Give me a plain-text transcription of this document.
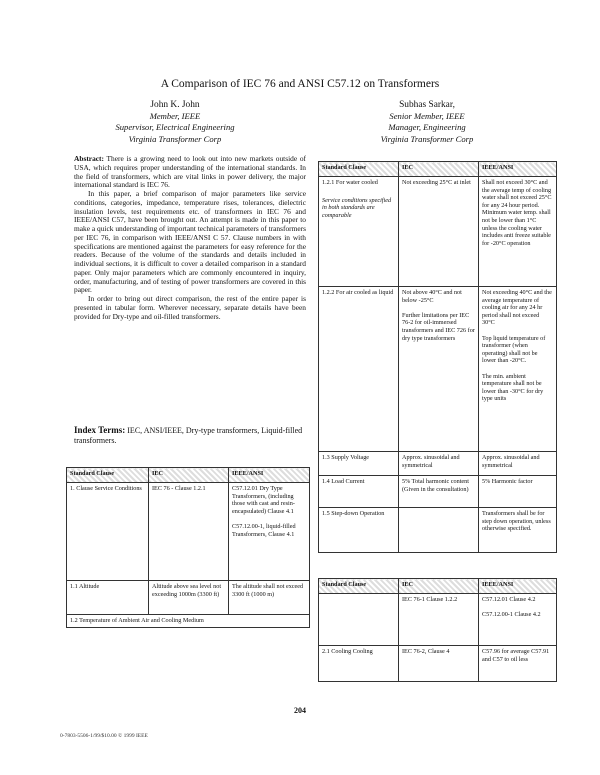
A Comparison of IEC 76 and ANSI C57.12 on Transformers
John K. John
Member, IEEE
Supervisor, Electrical Engineering
Virginia Transformer Corp
Subhas Sarkar,
Senior Member, IEEE
Manager, Engineering
Virginia Transformer Corp

Abstract: There is a growing need to look out into new markets outside of USA, which requires proper understanding of the international standards. In the field of transformers, which are vital links in power delivery, the major international standard is IEC 76.

In this paper, a brief comparison of major parameters like service conditions, categories, impedance, temperature rises, tolerances, dielectric insulation levels, test requirements etc. of transformers in IEC 76 and IEEE/ANSI C57, have been brought out. An attempt is made in this paper to make a quick understanding of important technical parameters of transformers per IEC 76, in comparison with IEEE/ANSI C 57. Clause numbers in with specifications are mentioned against the parameters for easy reference for the readers. Because of the volume of the standards and details included in individual sections, it is difficult to cover a detailed comparison in a standard paper. Only major parameters which are commonly encountered in inquiry, order, manufacturing, and of testing of power transformers are covered in this paper.

In order to bring out direct comparison, the rest of the entire paper is presented in tabular form. Wherever necessary, separate details have been provided for Dry-type and oil-filled transformers.

Index Terms: IEC, ANSI/IEEE, Dry-type transformers, Liquid-filled transformers.
Standard Clause	IEC	IEEE/ANSI
1. Clause Service Conditions	IEC 76 - Clause 1.2.1	C57.12.01 Dry Type Transformers, (including those with cast and resin-encapsulated) Clause 4.1

C57.12.00-1, liquid-filled Transformers, Clause 4.1
1.1 Altitude	Altitude above sea level not exceeding 1000m (3300 ft)	The altitude shall not exceed 3300 ft (1000 m)
1.2 Temperature of Ambient Air and Cooling Medium		
Standard Clause	IEC	IEEE/ANSI
1.2.1 For water cooled
Service conditions specified in both standards are comparable	Not exceeding 25°C at inlet	Shall not exceed 30°C and the average temp of cooling water shall not exceed 25°C for any 24 hour period. Minimum water temp. shall not be lower than 1°C unless the cooling water includes anti freeze suitable for -20°C operation
1.2.2 For air cooled as liquid	Not above 40°C and not below -25°C

Further limitations per IEC 76-2 for oil-immersed transformers and IEC 726 for dry type transformers	Not exceeding 40°C and the average temperature of cooling air for any 24 hr period shall not exceed 30°C

Top liquid temperature of transformer (when operating) shall not be lower than -20°C.

The min. ambient temperature shall not be lower than -30°C for dry type units
1.3 Supply Voltage	Approx. sinusoidal and symmetrical	Approx. sinusoidal and symmetrical
1.4 Load Current	5% Total harmonic content (Given in the consultation)	5% Harmonic factor
1.5 Step-down Operation		Transformers shall be for step down operation, unless otherwise specified.
Standard Clause	IEC	IEEE/ANSI
	IEC 76-1 Clause 1.2.2	C57.12.01 Clause 4.2

C57.12.00-1 Clause 4.2
2.1 Cooling Cooling	IEC 76-2, Clause 4	C57.96 for average C57.91 and C57 to oil less
204
0-7803-5506-1/99/$10.00 © 1999 IEEE
